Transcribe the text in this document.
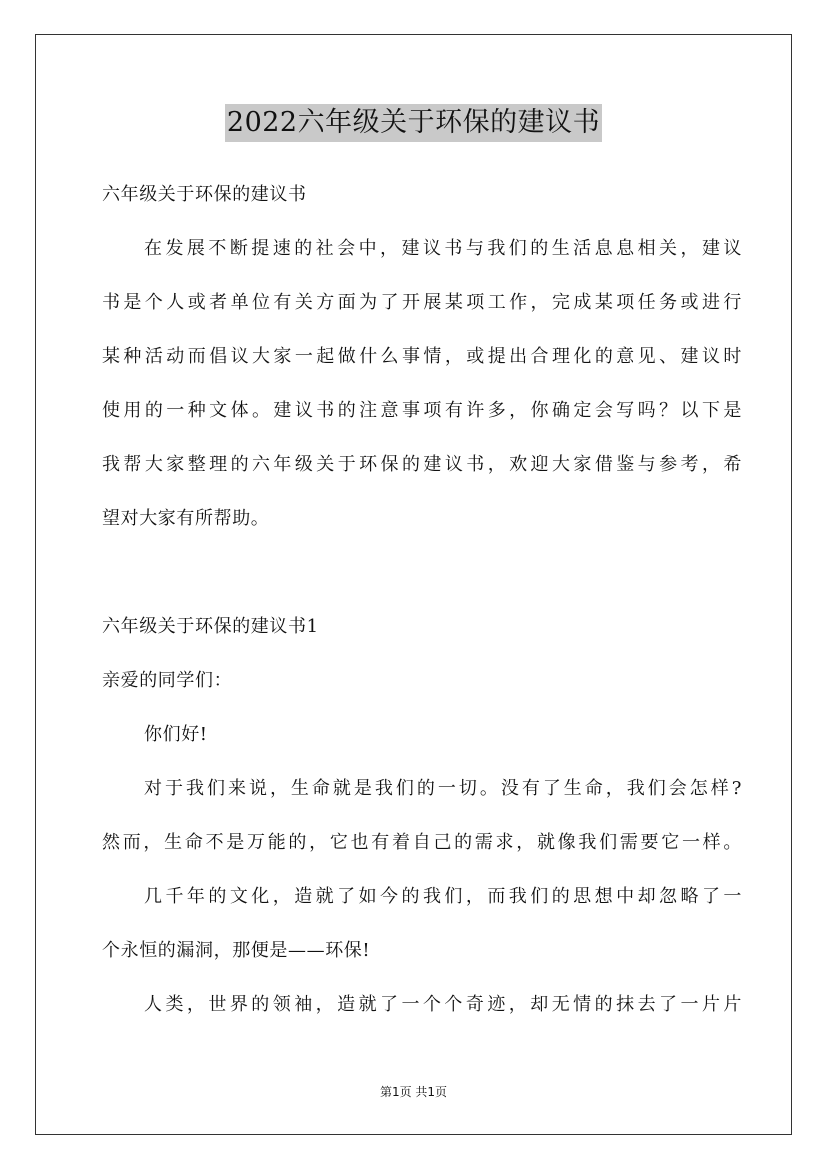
2022六年级关于环保的建议书
六年级关于环保的建议书
在发展不断提速的社会中，建议书与我们的生活息息相关，建议
书是个人或者单位有关方面为了开展某项工作，完成某项任务或进行
某种活动而倡议大家一起做什么事情，或提出合理化的意见、建议时
使用的一种文体。建议书的注意事项有许多，你确定会写吗？以下是
我帮大家整理的六年级关于环保的建议书，欢迎大家借鉴与参考，希
望对大家有所帮助。
六年级关于环保的建议书1
亲爱的同学们：
你们好!
对于我们来说，生命就是我们的一切。没有了生命，我们会怎样?
然而，生命不是万能的，它也有着自己的需求，就像我们需要它一样。
几千年的文化，造就了如今的我们，而我们的思想中却忽略了一
个永恒的漏洞，那便是——环保!
人类，世界的领袖，造就了一个个奇迹，却无情的抹去了一片片
第1页 共1页
